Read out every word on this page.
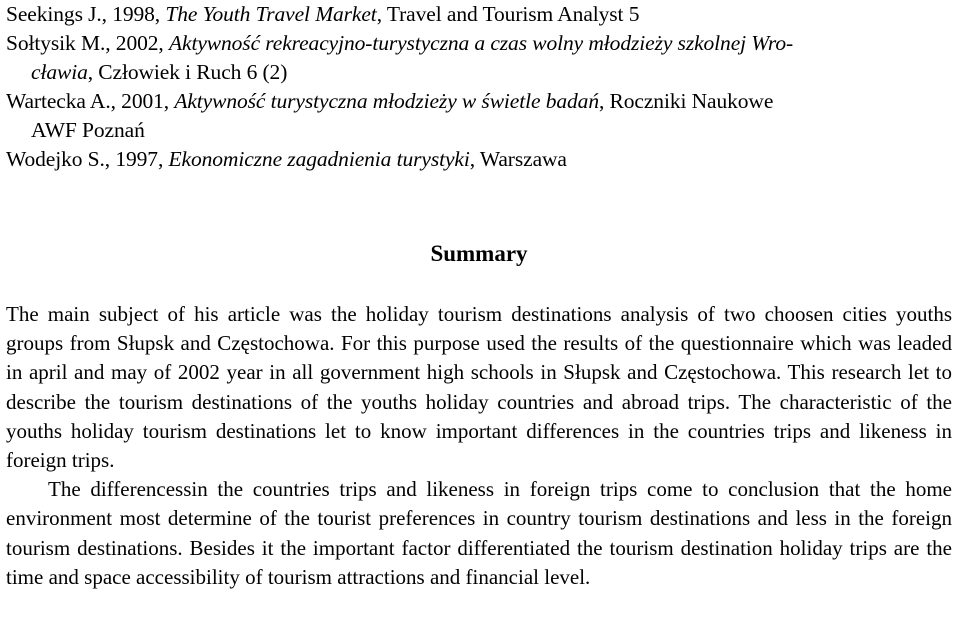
Seekings J., 1998, The Youth Travel Market, Travel and Tourism Analyst 5

Sołtysik M., 2002, Aktywność rekreacyjno-turystyczna a czas wolny młodzieży szkolnej Wro-

cławia, Człowiek i Ruch 6 (2)

Wartecka A., 2001, Aktywność turystyczna młodzieży w świetle badań, Roczniki Naukowe

AWF Poznań

Wodejko S., 1997, Ekonomiczne zagadnienia turystyki, Warszawa

Summary

The main subject of his article was the holiday tourism destinations analysis of two choosen cities youths groups from Słupsk and Częstochowa. For this purpose used the results of the questionnaire which was leaded in april and may of 2002 year in all government high schools in Słupsk and Częstochowa. This research let to describe the tourism destinations of the youths holiday countries and abroad trips. The characteristic of the youths holiday tourism destinations let to know important differences in the countries trips and likeness in foreign trips.

The differencessin the countries trips and likeness in foreign trips come to conclusion that the home environment most determine of the tourist preferences in country tourism destinations and less in the foreign tourism destinations. Besides it the important factor differentiated the tourism destination holiday trips are the time and space accessibility of tourism attractions and financial level.
